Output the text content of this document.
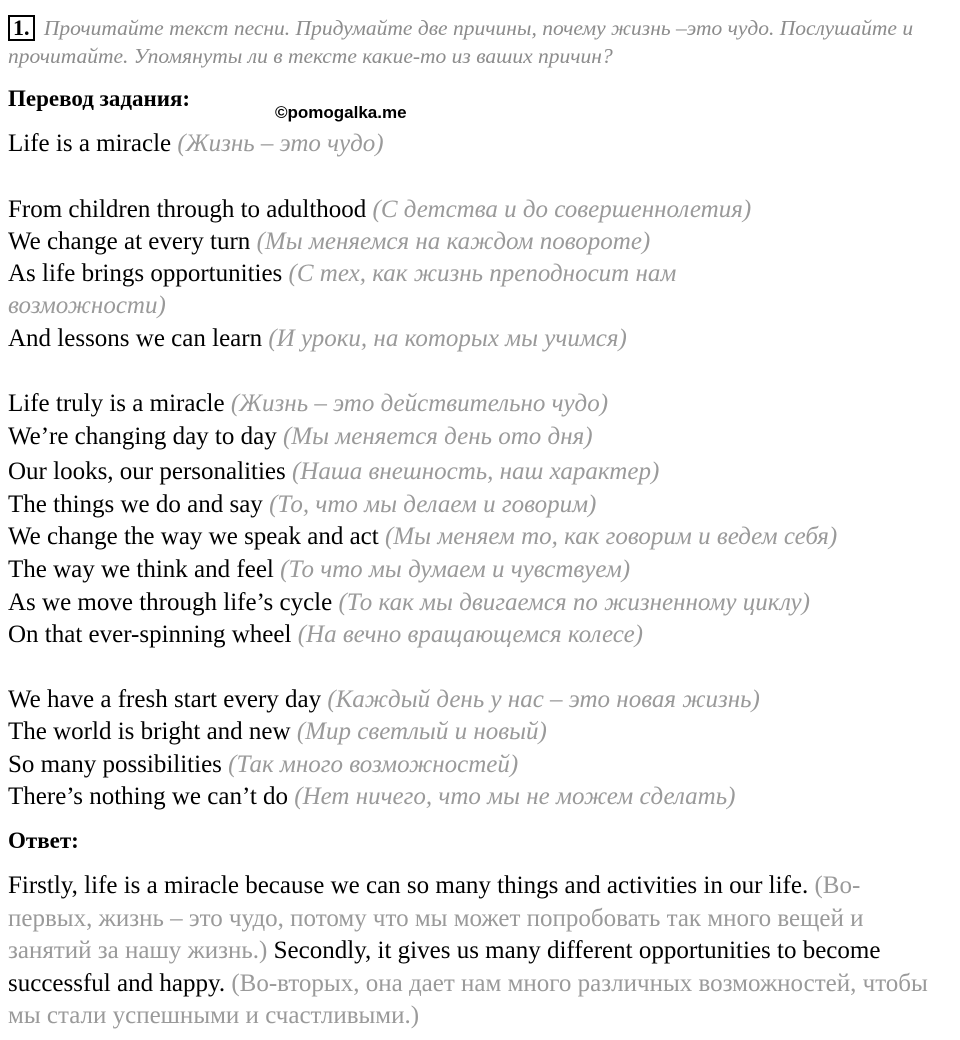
1. Прочитайте текст песни. Придумайте две причины, почему жизнь –это чудо. Послушайте и прочитайте. Упомянуты ли в тексте какие-то из ваших причин?
Перевод задания:
©pomogalka.me
Life is a miracle (Жизнь – это чудо)
From children through to adulthood (С детства и до совершеннолетия)
We change at every turn (Мы меняемся на каждом повороте)
As life brings opportunities (С тех, как жизнь преподносит нам возможности)
And lessons we can learn (И уроки, на которых мы учимся)
Life truly is a miracle (Жизнь – это действительно чудо)
We’re changing day to day (Мы меняется день ото дня)
Our looks, our personalities (Наша внешность, наш характер)
The things we do and say (То, что мы делаем и говорим)
We change the way we speak and act (Мы меняем то, как говорим и ведем себя)
The way we think and feel (То что мы думаем и чувствуем)
As we move through life’s cycle (То как мы двигаемся по жизненному циклу)
On that ever-spinning wheel (На вечно вращающемся колесе)
We have a fresh start every day (Каждый день у нас – это новая жизнь)
The world is bright and new (Мир светлый и новый)
So many possibilities (Так много возможностей)
There’s nothing we can’t do (Нет ничего, что мы не можем сделать)
Ответ:
Firstly, life is a miracle because we can so many things and activities in our life. (Во-первых, жизнь – это чудо, потому что мы может попробовать так много вещей и занятий за нашу жизнь.) Secondly, it gives us many different opportunities to become successful and happy. (Во-вторых, она дает нам много различных возможностей, чтобы мы стали успешными и счастливыми.)
